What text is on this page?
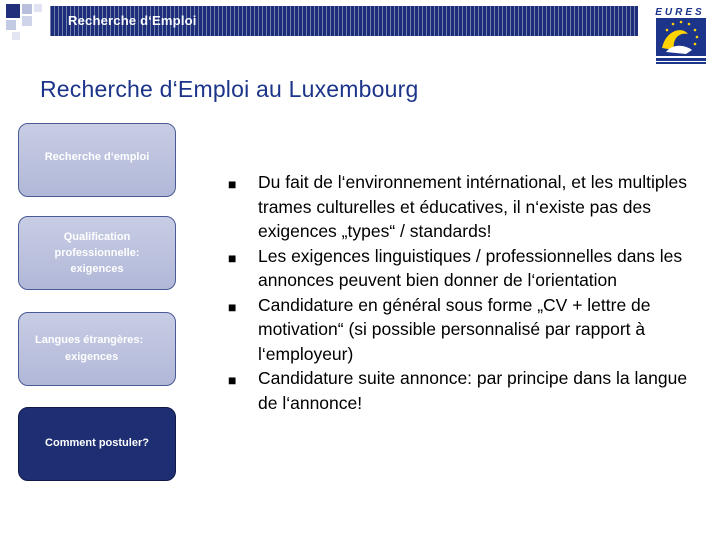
Recherche d‘Emploi
EURES
Recherche d‘Emploi au Luxembourg
Recherche d‘emploi
Qualification
professionnelle:
exigences
Langues étrangères:
exigences
Comment postuler?
■ Du fait de l‘environnement intérnational, et les multiples trames culturelles et éducatives, il n‘existe pas des exigences „types“ / standards!
■ Les exigences linguistiques / professionnelles dans les annonces peuvent bien donner de l‘orientation
■ Candidature en général sous forme „CV + lettre de motivation“ (si possible personnalisé par rapport à l‘employeur)
■ Candidature suite annonce: par principe dans la langue de l‘annonce!
